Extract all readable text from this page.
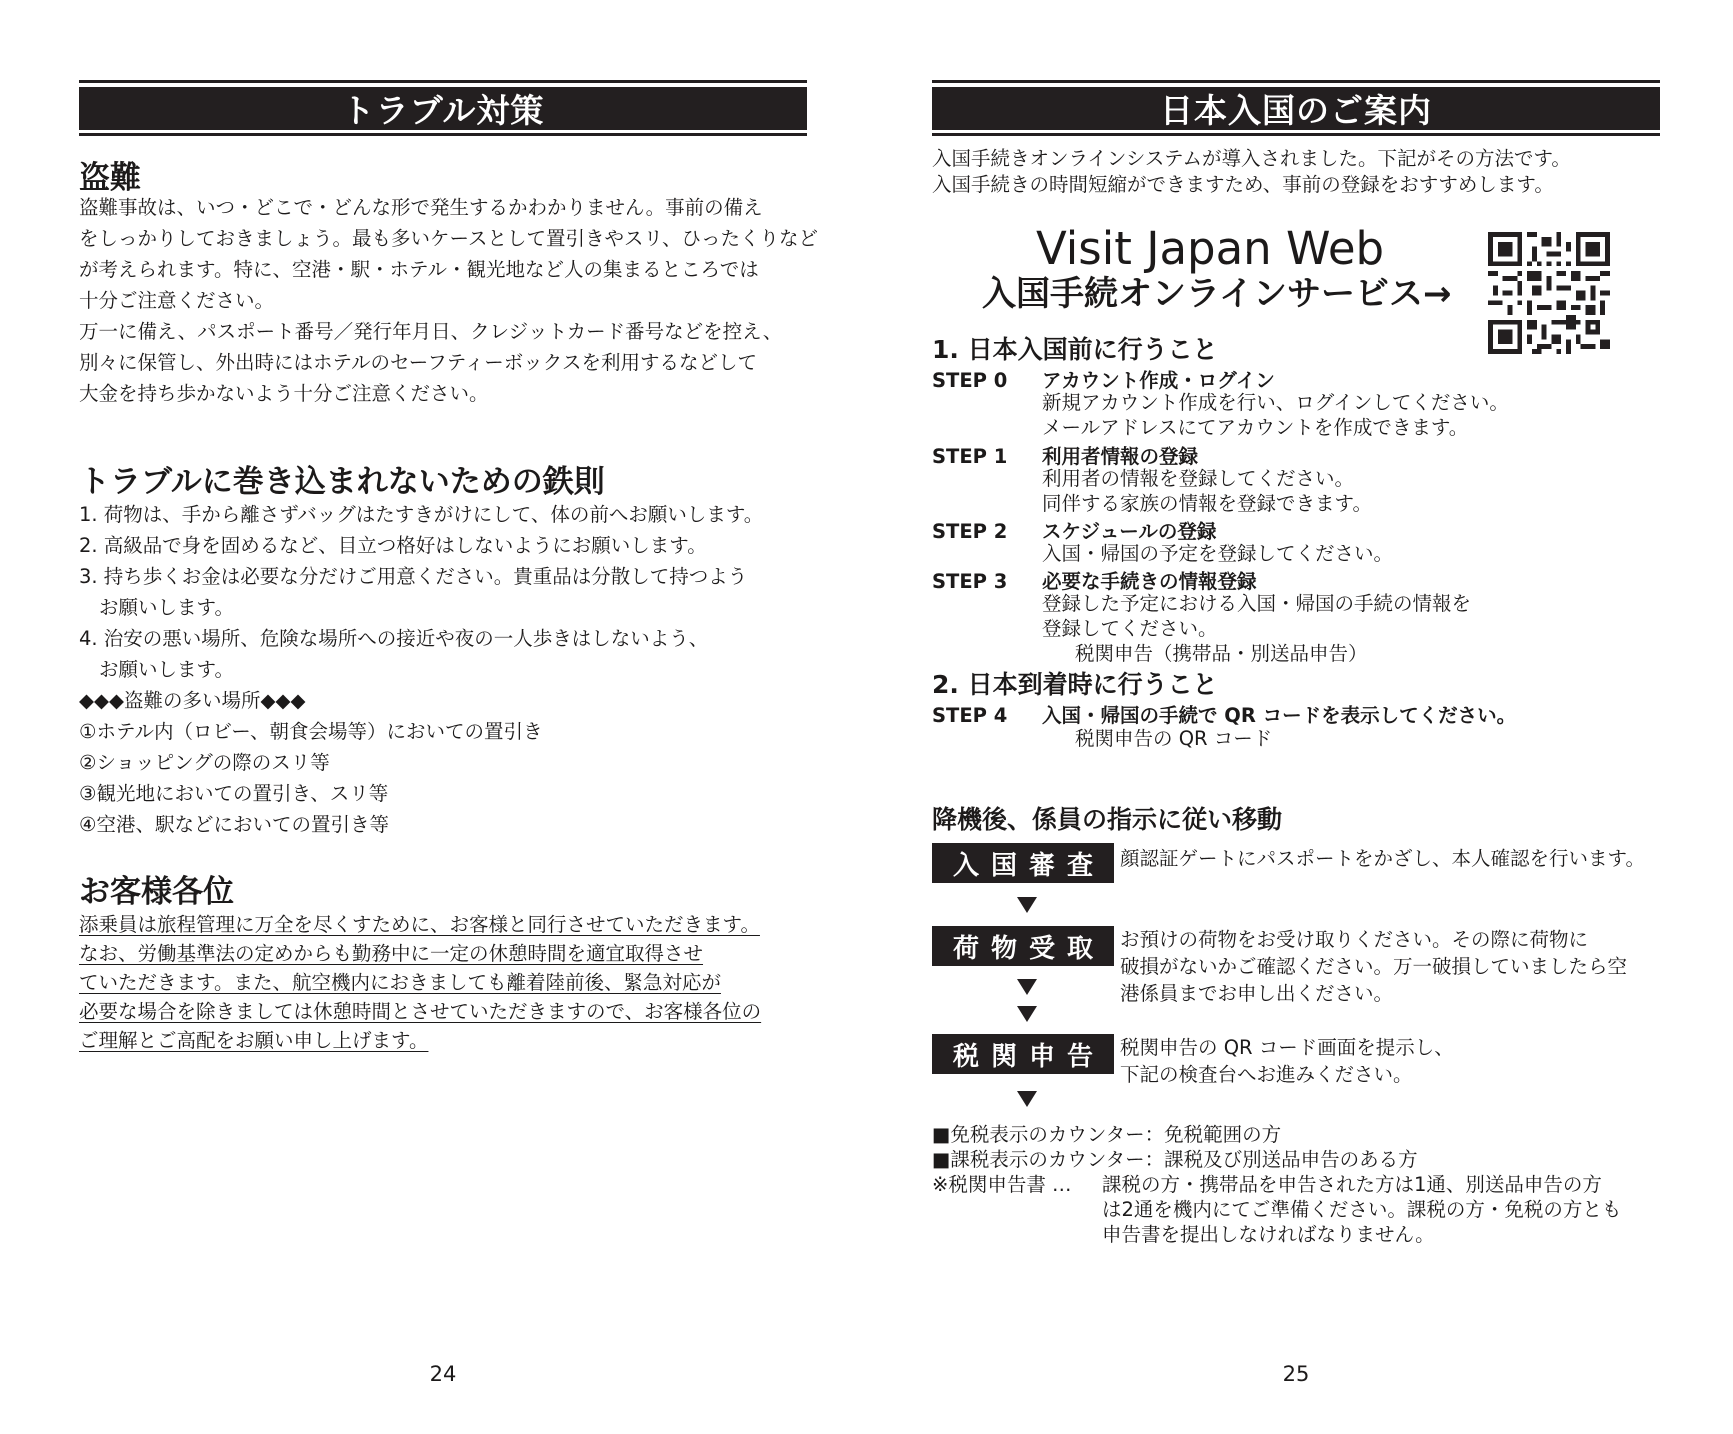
トラブル対策
盗難
盗難事故は、いつ・どこで・どんな形で発生するかわかりません。事前の備え
をしっかりしておきましょう。最も多いケースとして置引きやスリ、ひったくりなど
が考えられます。特に、空港・駅・ホテル・観光地など人の集まるところでは
十分ご注意ください。
万一に備え、パスポート番号／発行年月日、クレジットカード番号などを控え、
別々に保管し、外出時にはホテルのセーフティーボックスを利用するなどして
大金を持ち歩かないよう十分ご注意ください。
トラブルに巻き込まれないための鉄則
1. 荷物は、手から離さずバッグはたすきがけにして、体の前へお願いします。
2. 高級品で身を固めるなど、目立つ格好はしないようにお願いします。
3. 持ち歩くお金は必要な分だけご用意ください。貴重品は分散して持つよう
お願いします。
4. 治安の悪い場所、危険な場所への接近や夜の一人歩きはしないよう、
お願いします。
◆◆◆盗難の多い場所◆◆◆
①ホテル内（ロビー、朝食会場等）においての置引き
②ショッピングの際のスリ等
③観光地においての置引き、スリ等
④空港、駅などにおいての置引き等
お客様各位
添乗員は旅程管理に万全を尽くすために、お客様と同行させていただきます。
なお、労働基準法の定めからも勤務中に一定の休憩時間を適宜取得させ
ていただきます。また、航空機内におきましても離着陸前後、緊急対応が
必要な場合を除きましては休憩時間とさせていただきますので、お客様各位の
ご理解とご高配をお願い申し上げます。
24
日本入国のご案内
入国手続きオンラインシステムが導入されました。下記がその方法です。
入国手続きの時間短縮ができますため、事前の登録をおすすめします。
Visit Japan Web
入国手続オンラインサービス→
1. 日本入国前に行うこと
STEP 0 アカウント作成・ログイン
新規アカウント作成を行い、ログインしてください。
メールアドレスにてアカウントを作成できます。
STEP 1 利用者情報の登録
利用者の情報を登録してください。
同伴する家族の情報を登録できます。
STEP 2 スケジュールの登録
入国・帰国の予定を登録してください。
STEP 3 必要な手続きの情報登録
登録した予定における入国・帰国の手続の情報を
登録してください。
税関申告（携帯品・別送品申告）
2. 日本到着時に行うこと
STEP 4 入国・帰国の手続で QR コードを表示してください。
税関申告の QR コード
降機後、係員の指示に従い移動
入国審査 顔認証ゲートにパスポートをかざし、本人確認を行います。
荷物受取 お預けの荷物をお受け取りください。その際に荷物に
破損がないかご確認ください。万一破損していましたら空
港係員までお申し出ください。
税関申告 税関申告の QR コード画面を提示し、
下記の検査台へお進みください。
■免税表示のカウンター：免税範囲の方
■課税表示のカウンター：課税及び別送品申告のある方
※税関申告書 … 課税の方・携帯品を申告された方は1通、別送品申告の方
は2通を機内にてご準備ください。課税の方・免税の方とも
申告書を提出しなければなりません。
25
